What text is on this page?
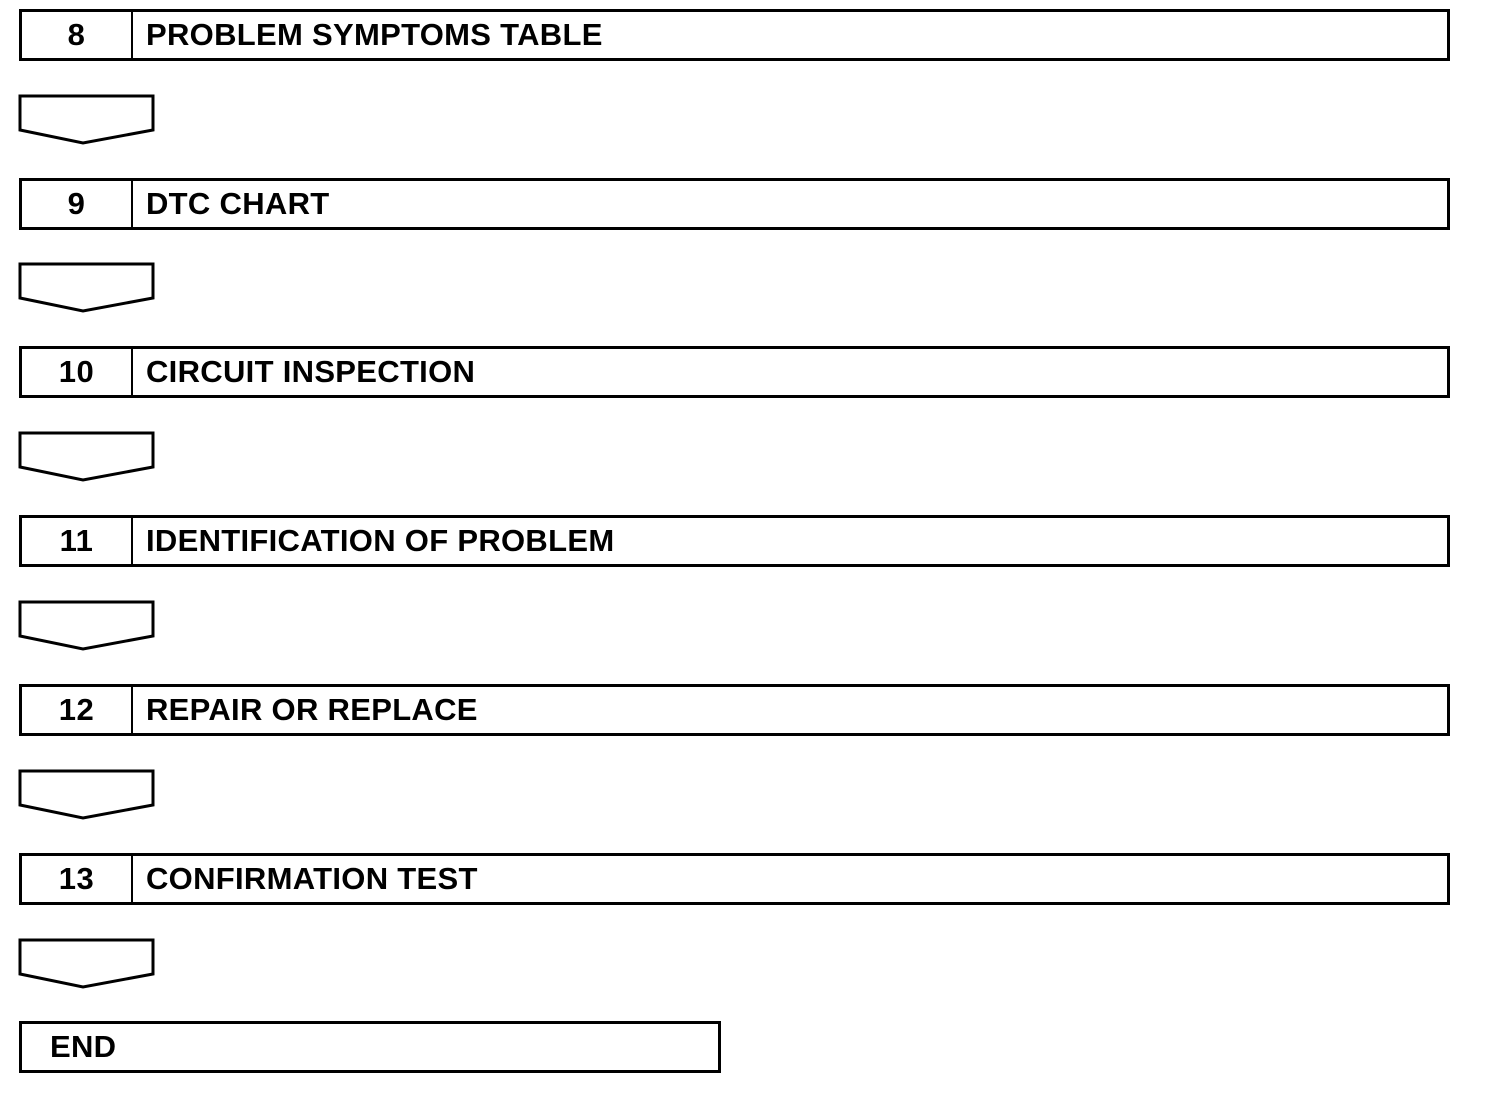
8	PROBLEM SYMPTOMS TABLE
9	DTC CHART
10	CIRCUIT INSPECTION
11	IDENTIFICATION OF PROBLEM
12	REPAIR OR REPLACE
13	CONFIRMATION TEST
END
